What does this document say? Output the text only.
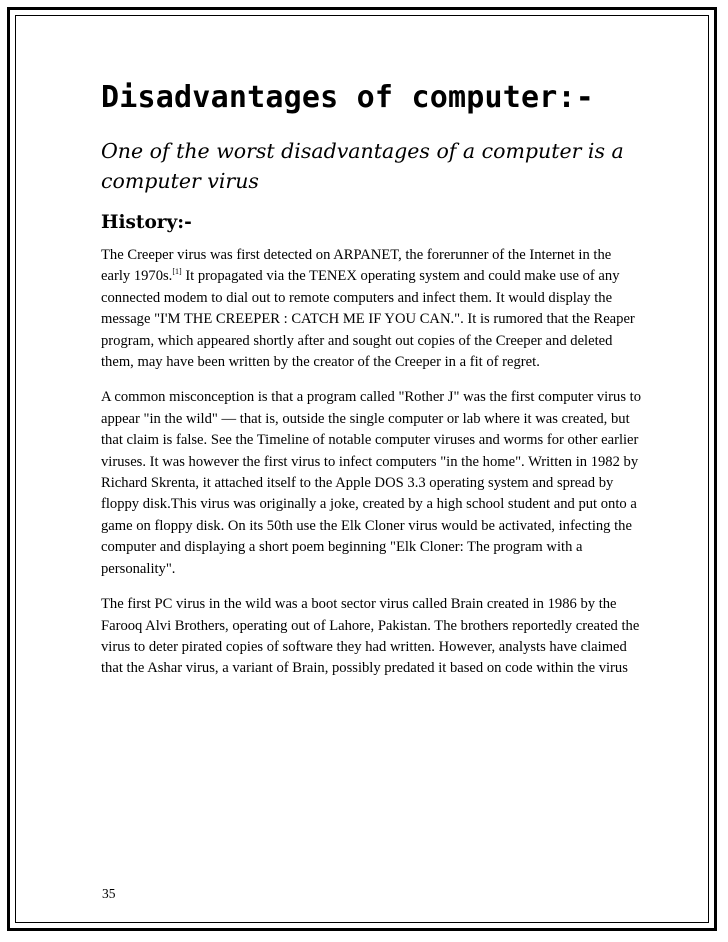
Disadvantages of computer:-

One of the worst disadvantages of a computer is a computer virus

History:-

The Creeper virus was first detected on ARPANET, the forerunner of the Internet in the early 1970s.[1] It propagated via the TENEX operating system and could make use of any connected modem to dial out to remote computers and infect them. It would display the message "I'M THE CREEPER : CATCH ME IF YOU CAN.". It is rumored that the Reaper program, which appeared shortly after and sought out copies of the Creeper and deleted them, may have been written by the creator of the Creeper in a fit of regret.

A common misconception is that a program called "Rother J" was the first computer virus to appear "in the wild" — that is, outside the single computer or lab where it was created, but that claim is false. See the Timeline of notable computer viruses and worms for other earlier viruses. It was however the first virus to infect computers "in the home". Written in 1982 by Richard Skrenta, it attached itself to the Apple DOS 3.3 operating system and spread by floppy disk.This virus was originally a joke, created by a high school student and put onto a game on floppy disk. On its 50th use the Elk Cloner virus would be activated, infecting the computer and displaying a short poem beginning "Elk Cloner: The program with a personality".

The first PC virus in the wild was a boot sector virus called Brain created in 1986 by the Farooq Alvi Brothers, operating out of Lahore, Pakistan. The brothers reportedly created the virus to deter pirated copies of software they had written. However, analysts have claimed that the Ashar virus, a variant of Brain, possibly predated it based on code within the virus

35
